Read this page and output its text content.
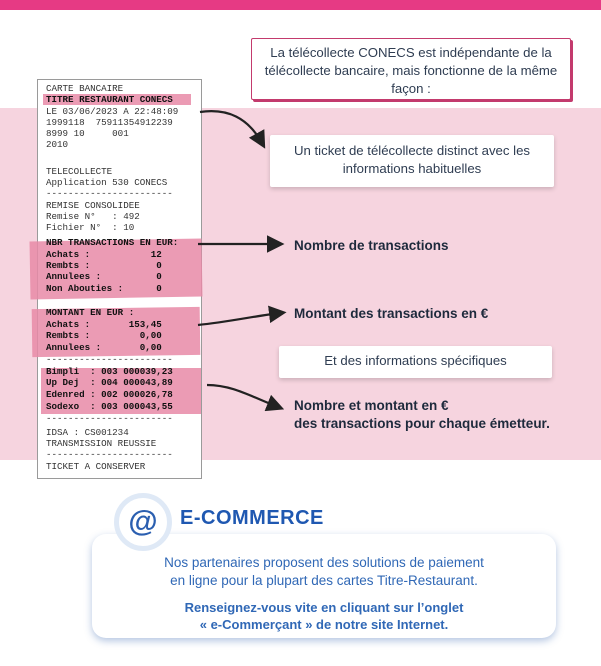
CARTE BANCAIRE
TITRE RESTAURANT CONECS
LE 03/06/2023 A 22:48:09
1999118  75911354912239
8999 10     001
2010
TELECOLLECTE
Application 530 CONECS
-----------------------
REMISE CONSOLIDEE
Remise N°   : 492
Fichier N°  : 10
NBR TRANSACTIONS EN EUR:
Achats :           12
Rembts :            0
Annulees :          0
Non Abouties :      0
MONTANT EN EUR :
Achats :       153,45
Rembts :         0,00
Annulees :       0,00
-----------------------
Bimpli  : 003 000039,23
Up Dej  : 004 000043,89
Edenred : 002 000026,78
Sodexo  : 003 000043,55
-----------------------
IDSA : CS001234
TRANSMISSION REUSSIE
-----------------------
TICKET A CONSERVER
La télécollecte CONECS est indépendante de la télécollecte bancaire, mais fonctionne de la même façon :
Un ticket de télécollecte distinct avec les informations habituelles
Nombre de transactions
Montant des transactions en €
Et des informations spécifiques
Nombre et montant en €
des transactions pour chaque émetteur.
Nos partenaires proposent des solutions de paiement
en ligne pour la plupart des cartes Titre-Restaurant.
Renseignez-vous vite en cliquant sur l’onglet
« e-Commerçant » de notre site Internet.
@ E-COMMERCE
